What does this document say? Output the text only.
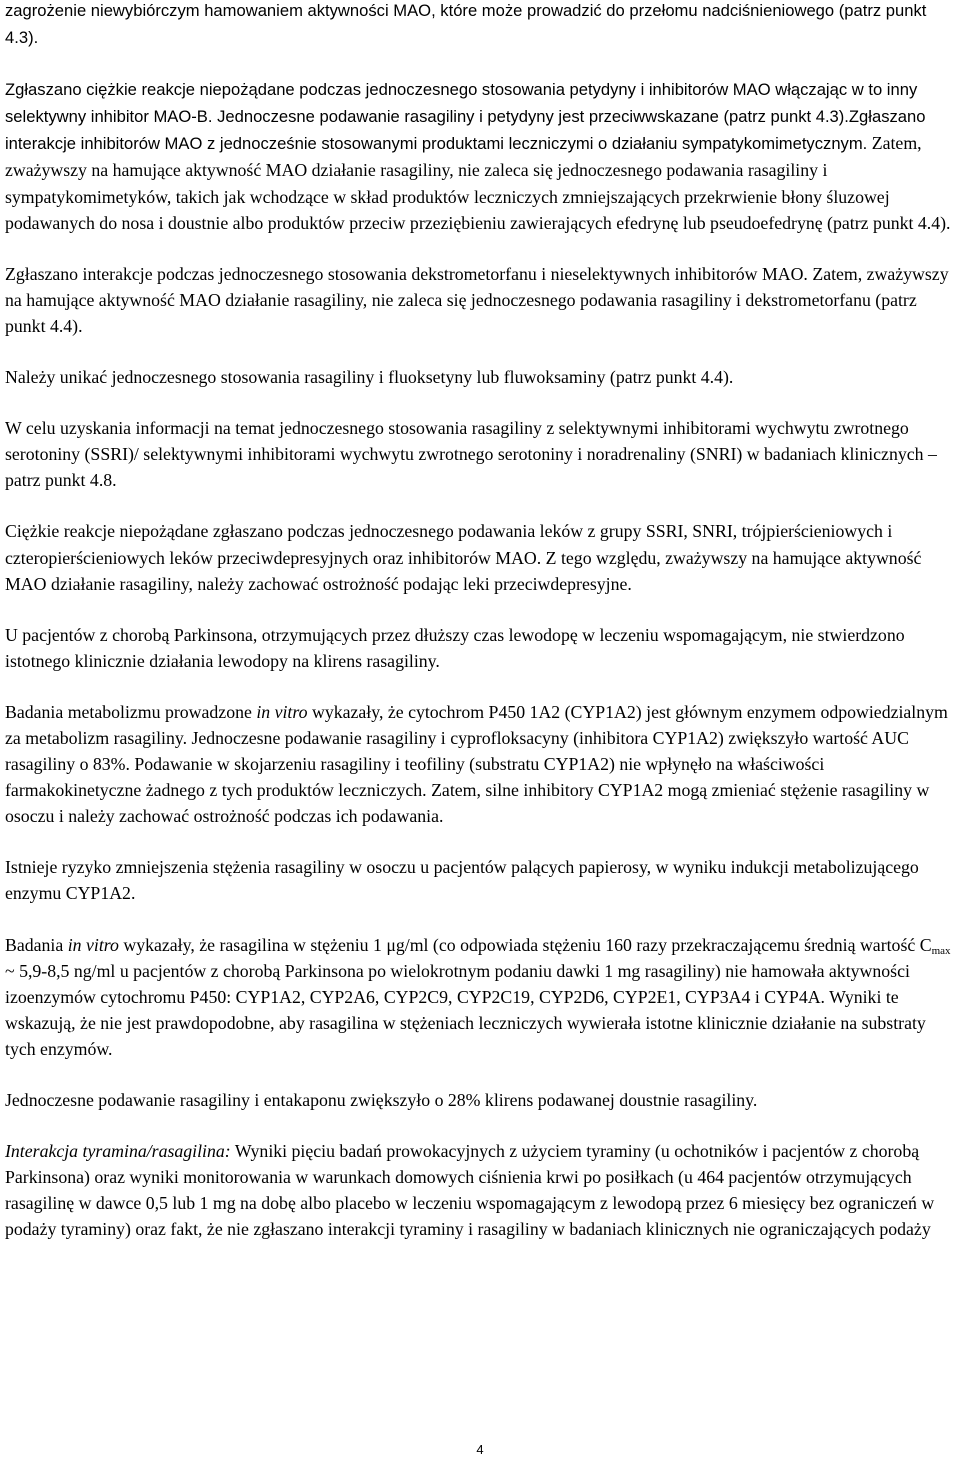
zagrożenie niewybiórczym hamowaniem aktywności MAO, które może prowadzić do przełomu nadciśnieniowego (patrz punkt 4.3).

Zgłaszano ciężkie reakcje niepożądane podczas jednoczesnego stosowania petydyny i inhibitorów MAO włączając w to inny selektywny inhibitor MAO-B. Jednoczesne podawanie rasagiliny i petydyny jest przeciwwskazane (patrz punkt 4.3).Zgłaszano interakcje inhibitorów MAO z jednocześnie stosowanymi produktami leczniczymi o działaniu sympatykomimetycznym. Zatem, zważywszy na hamujące aktywność MAO działanie rasagiliny, nie zaleca się jednoczesnego podawania rasagiliny i sympatykomimetyków, takich jak wchodzące w skład produktów leczniczych zmniejszających przekrwienie błony śluzowej podawanych do nosa i doustnie albo produktów przeciw przeziębieniu zawierających efedrynę lub pseudoefedrynę (patrz punkt 4.4).

Zgłaszano interakcje podczas jednoczesnego stosowania dekstrometorfanu i nieselektywnych inhibitorów MAO. Zatem, zważywszy na hamujące aktywność MAO działanie rasagiliny, nie zaleca się jednoczesnego podawania rasagiliny i dekstrometorfanu (patrz punkt 4.4).

Należy unikać jednoczesnego stosowania rasagiliny i fluoksetyny lub fluwoksaminy (patrz punkt 4.4).

W celu uzyskania informacji na temat jednoczesnego stosowania rasagiliny z selektywnymi inhibitorami wychwytu zwrotnego serotoniny (SSRI)/ selektywnymi inhibitorami wychwytu zwrotnego serotoniny i noradrenaliny (SNRI) w badaniach klinicznych – patrz punkt 4.8.

Ciężkie reakcje niepożądane zgłaszano podczas jednoczesnego podawania leków z grupy SSRI, SNRI, trójpierścieniowych i czteropierścieniowych leków przeciwdepresyjnych oraz inhibitorów MAO. Z tego względu, zważywszy na hamujące aktywność MAO działanie rasagiliny, należy zachować ostrożność podając leki przeciwdepresyjne.

U pacjentów z chorobą Parkinsona, otrzymujących przez dłuższy czas lewodopę w leczeniu wspomagającym, nie stwierdzono istotnego klinicznie działania lewodopy na klirens rasagiliny.

Badania metabolizmu prowadzone in vitro wykazały, że cytochrom P450 1A2 (CYP1A2) jest głównym enzymem odpowiedzialnym za metabolizm rasagiliny. Jednoczesne podawanie rasagiliny i cyprofloksacyny (inhibitora CYP1A2) zwiększyło wartość AUC rasagiliny o 83%. Podawanie w skojarzeniu rasagiliny i teofiliny (substratu CYP1A2) nie wpłynęło na właściwości farmakokinetyczne żadnego z tych produktów leczniczych. Zatem, silne inhibitory CYP1A2 mogą zmieniać stężenie rasagiliny w osoczu i należy zachować ostrożność podczas ich podawania.

Istnieje ryzyko zmniejszenia stężenia rasagiliny w osoczu u pacjentów palących papierosy, w wyniku indukcji metabolizującego enzymu CYP1A2.

Badania in vitro wykazały, że rasagilina w stężeniu 1 μg/ml (co odpowiada stężeniu 160 razy przekraczającemu średnią wartość $C_{max}$ ~ 5,9-8,5 ng/ml u pacjentów z chorobą Parkinsona po wielokrotnym podaniu dawki 1 mg rasagiliny) nie hamowała aktywności izoenzymów cytochromu P450: CYP1A2, CYP2A6, CYP2C9, CYP2C19, CYP2D6, CYP2E1, CYP3A4 i CYP4A. Wyniki te wskazują, że nie jest prawdopodobne, aby rasagilina w stężeniach leczniczych wywierała istotne klinicznie działanie na substraty tych enzymów.

Jednoczesne podawanie rasagiliny i entakaponu zwiększyło o 28% klirens podawanej doustnie rasagiliny.

Interakcja tyramina/rasagilina: Wyniki pięciu badań prowokacyjnych z użyciem tyraminy (u ochotników i pacjentów z chorobą Parkinsona) oraz wyniki monitorowania w warunkach domowych ciśnienia krwi po posiłkach (u 464 pacjentów otrzymujących rasagilinę w dawce 0,5 lub 1 mg na dobę albo placebo w leczeniu wspomagającym z lewodopą przez 6 miesięcy bez ograniczeń w podaży tyraminy) oraz fakt, że nie zgłaszano interakcji tyraminy i rasagiliny w badaniach klinicznych nie ograniczających podaży

4
